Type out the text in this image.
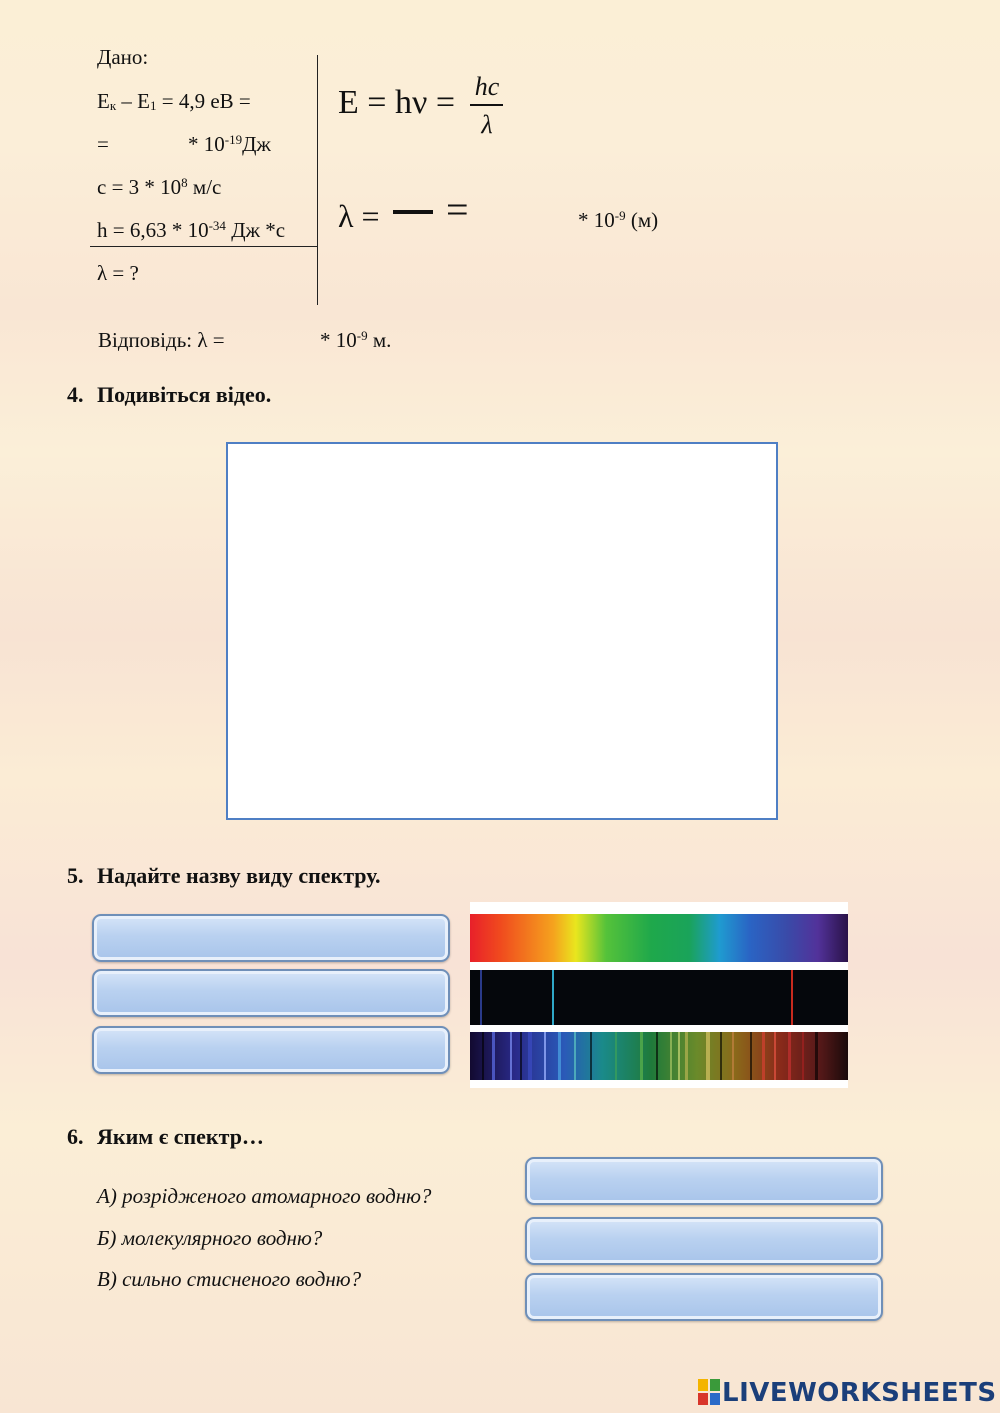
Дано:
$E_к - E_1 = 4,9$ еВ =
=	* $10^{-19}Дж$
$c = 3 * 10^8$ м/с
$h = 6,63 * 10^{-34}$ Дж *с
λ = ?
E = hν = hc
λ
λ = =	* $10^{-9}$ (м)
Відповідь: λ =	* $10^{-9}$ м.
4. Подивіться відео.
5. Надайте назву виду спектру.
6. Яким є спектр…
А) розрідженого атомарного водню?
Б) молекулярного водню?
В) сильно стисненого водню?
LIVEWORKSHEETS
